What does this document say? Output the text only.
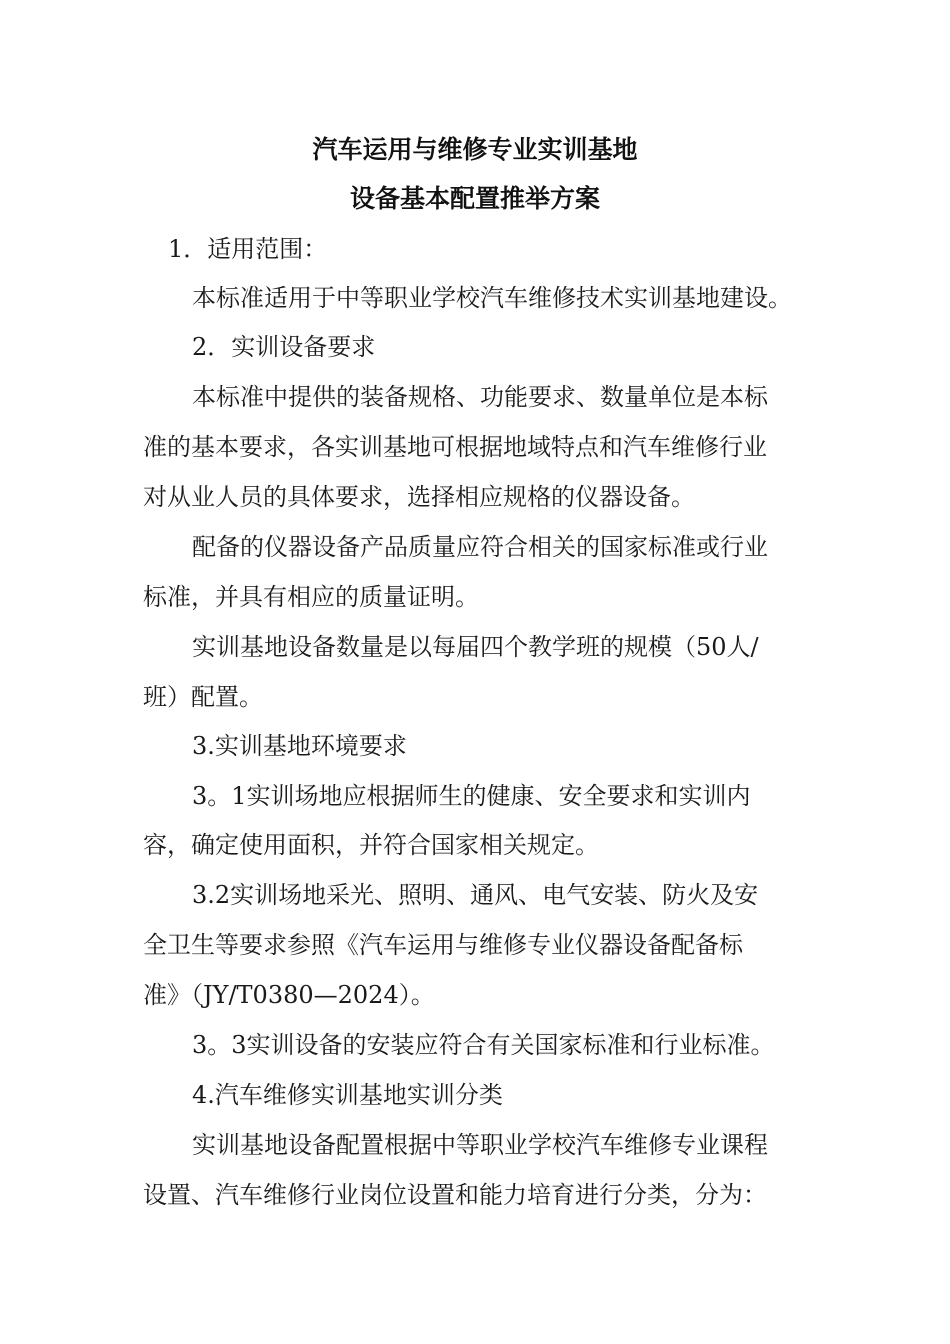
汽车运用与维修专业实训基地
设备基本配置推举方案
1．适用范围：
本标准适用于中等职业学校汽车维修技术实训基地建设。
2．实训设备要求
本标准中提供的装备规格、功能要求、数量单位是本标
准的基本要求，各实训基地可根据地域特点和汽车维修行业
对从业人员的具体要求，选择相应规格的仪器设备。
配备的仪器设备产品质量应符合相关的国家标准或行业
标准，并具有相应的质量证明。
实训基地设备数量是以每届四个教学班的规模（50人/
班）配置。
3.实训基地环境要求
3。1实训场地应根据师生的健康、安全要求和实训内
容，确定使用面积，并符合国家相关规定。
3.2实训场地采光、照明、通风、电气安装、防火及安
全卫生等要求参照《汽车运用与维修专业仪器设备配备标
准》（JY/T0380—2024）。
3。3实训设备的安装应符合有关国家标准和行业标准。
4.汽车维修实训基地实训分类
实训基地设备配置根据中等职业学校汽车维修专业课程
设置、汽车维修行业岗位设置和能力培育进行分类，分为：
